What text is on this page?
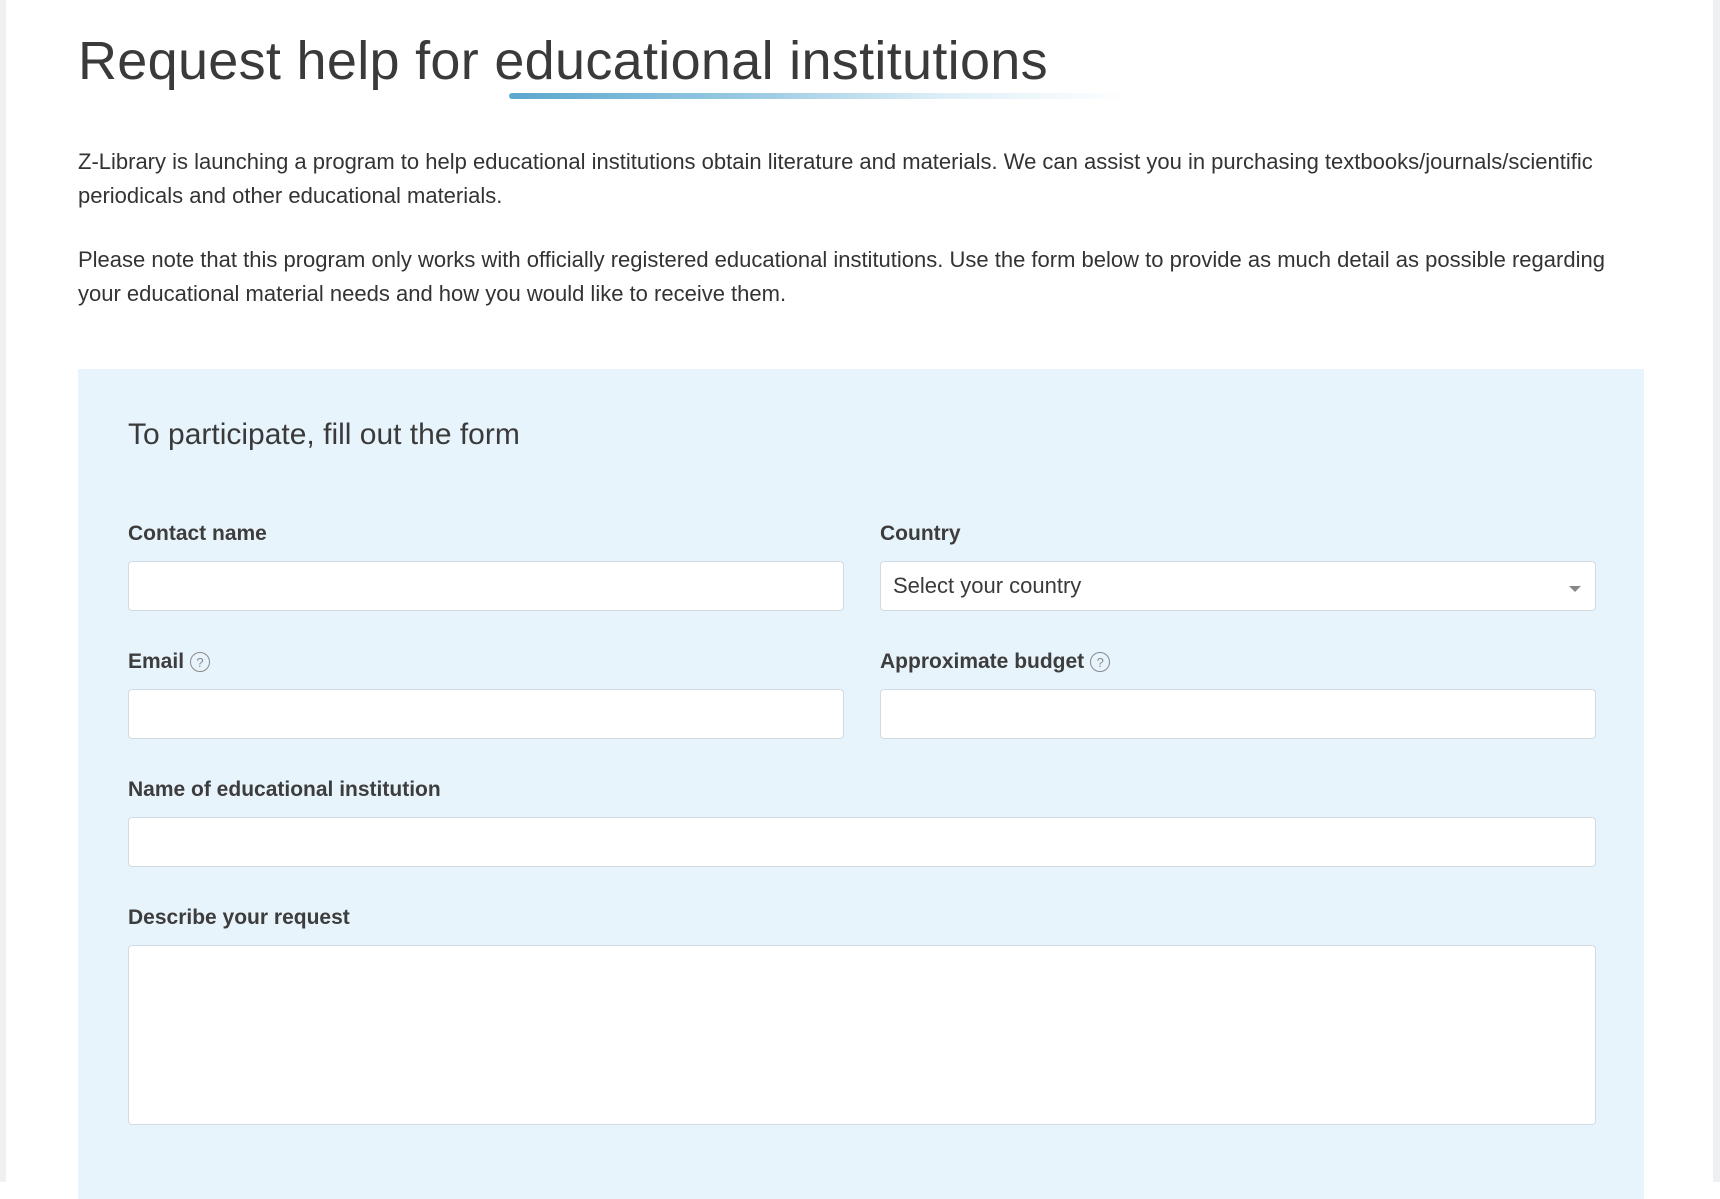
Request help for educational institutions

Z-Library is launching a program to help educational institutions obtain literature and materials. We can assist you in purchasing textbooks/journals/scientific periodicals and other educational materials.

Please note that this program only works with officially registered educational institutions. Use the form below to provide as much detail as possible regarding your educational material needs and how you would like to receive them.

To participate, fill out the form
Contact name	Country
Select your country
Email ?	Approximate budget ?
Name of educational institution
Describe your request
